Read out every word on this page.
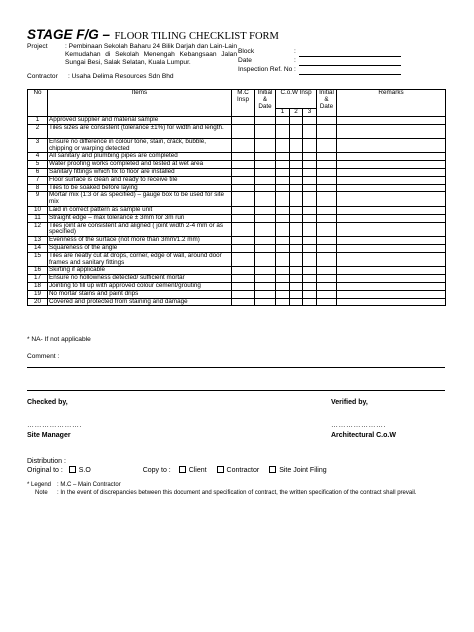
STAGE F/G – FLOOR TILING CHECKLIST FORM
Project	: Pembinaan Sekolah Baharu 24 Bilik Darjah dan Lain-Lain Kemudahan di Sekolah Menengah Kebangsaan Jalan Sungai Besi, Salak Selatan, Kuala Lumpur.
Block	:
Date	:
Inspection Ref. No :
Contractor : Usaha Delima Resources Sdn Bhd
No	Items	M.C Insp	Initial & Date	C.o.W Insp			Initial & Date	Remarks
				1	2	3		
1	Approved supplier and material sample							
2	Tiles sizes are consistent (tolerance ±1%) for width and length.							
3	Ensure no difference in colour tone, stain, crack, bubble, chipping or warping detected							
4	All sanitary and plumbing pipes are completed							
5	Water proofing works completed and tested at wet area							
6	Sanitary fittings which fix to floor are installed							
7	Floor surface is clean and ready to receive tile							
8	Tiles to be soaked before laying							
9	Mortar mix (1:3 or as specified) – gauge box to be used for site mix							
10	Laid in correct pattern as sample unit							
11	Straight edge – max tolerance ± 3mm for 3m run							
12	Tiles joint are consistent and aligned ( joint width 2-4 mm or as specified)							
13	Evenness of the surface (not more than 3mm/1.2 mm)							
14	Squareness of the angle							
15	Tiles are neatly cut at drops, corner, edge of wall, around door frames and sanitary fittings							
16	Skirting if applicable							
17	Ensure no hollowness detected/ sufficient mortar							
18	Jointing to fill up with approved colour cement/grouting							
19	No mortar stains and paint drips							
20	Covered and protected from staining and damage							
* NA- If not applicable
Comment :
Checked by,	Verified by,
………………….	………………….
Site Manager	Architectural C.o.W
Distribution :
Original to : S.O	Copy to :	Client	Contractor	Site Joint Filing
* Legend : M.C – Main Contractor
Note : In the event of discrepancies between this document and specification of contract, the written specification of the contract shall prevail.
